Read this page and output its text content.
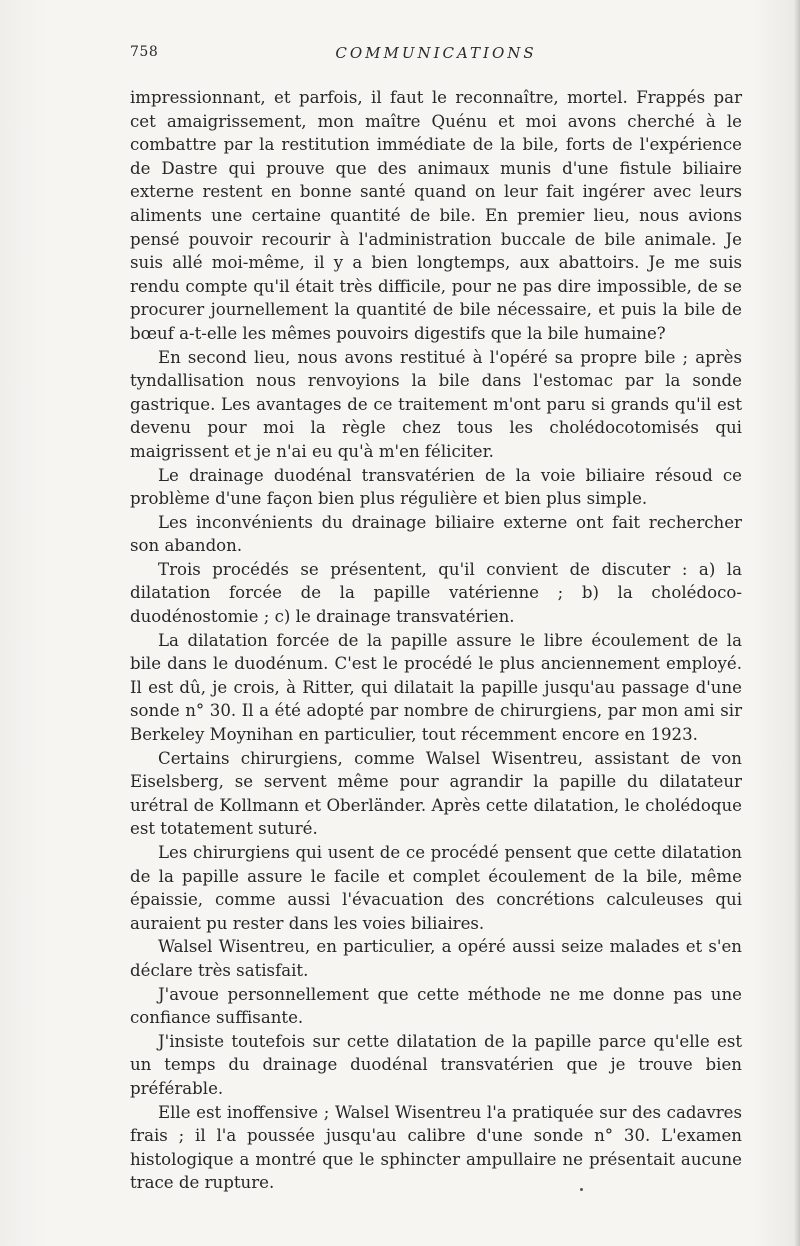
758	COMMUNICATIONS

impressionnant, et parfois, il faut le reconnaître, mortel. Frappés par cet amaigrissement, mon maître Quénu et moi avons cherché à le combattre par la restitution immédiate de la bile, forts de l'expérience de Dastre qui prouve que des animaux munis d'une fistule biliaire externe restent en bonne santé quand on leur fait ingérer avec leurs aliments une certaine quantité de bile. En premier lieu, nous avions pensé pouvoir recourir à l'administration buccale de bile animale. Je suis allé moi-même, il y a bien longtemps, aux abattoirs. Je me suis rendu compte qu'il était très difficile, pour ne pas dire impossible, de se procurer journellement la quantité de bile nécessaire, et puis la bile de bœuf a-t-elle les mêmes pouvoirs digestifs que la bile humaine?

En second lieu, nous avons restitué à l'opéré sa propre bile ; après tyndallisation nous renvoyions la bile dans l'estomac par la sonde gastrique. Les avantages de ce traitement m'ont paru si grands qu'il est devenu pour moi la règle chez tous les cholédocotomisés qui maigrissent et je n'ai eu qu'à m'en féliciter.

Le drainage duodénal transvatérien de la voie biliaire résoud ce problème d'une façon bien plus régulière et bien plus simple.

Les inconvénients du drainage biliaire externe ont fait rechercher son abandon.

Trois procédés se présentent, qu'il convient de discuter : a) la dilatation forcée de la papille vatérienne ; b) la cholédoco-duodénostomie ; c) le drainage transvatérien.

La dilatation forcée de la papille assure le libre écoulement de la bile dans le duodénum. C'est le procédé le plus anciennement employé. Il est dû, je crois, à Ritter, qui dilatait la papille jusqu'au passage d'une sonde n° 30. Il a été adopté par nombre de chirurgiens, par mon ami sir Berkeley Moynihan en particulier, tout récemment encore en 1923.

Certains chirurgiens, comme Walsel Wisentreu, assistant de von Eiselsberg, se servent même pour agrandir la papille du dilatateur urétral de Kollmann et Oberländer. Après cette dilatation, le cholédoque est totatement suturé.

Les chirurgiens qui usent de ce procédé pensent que cette dilatation de la papille assure le facile et complet écoulement de la bile, même épaissie, comme aussi l'évacuation des concrétions calculeuses qui auraient pu rester dans les voies biliaires.

Walsel Wisentreu, en particulier, a opéré aussi seize malades et s'en déclare très satisfait.

J'avoue personnellement que cette méthode ne me donne pas une confiance suffisante.

J'insiste toutefois sur cette dilatation de la papille parce qu'elle est un temps du drainage duodénal transvatérien que je trouve bien préférable.

Elle est inoffensive ; Walsel Wisentreu l'a pratiquée sur des cadavres frais ; il l'a poussée jusqu'au calibre d'une sonde n° 30. L'examen histologique a montré que le sphincter ampullaire ne présentait aucune trace de rupture.
